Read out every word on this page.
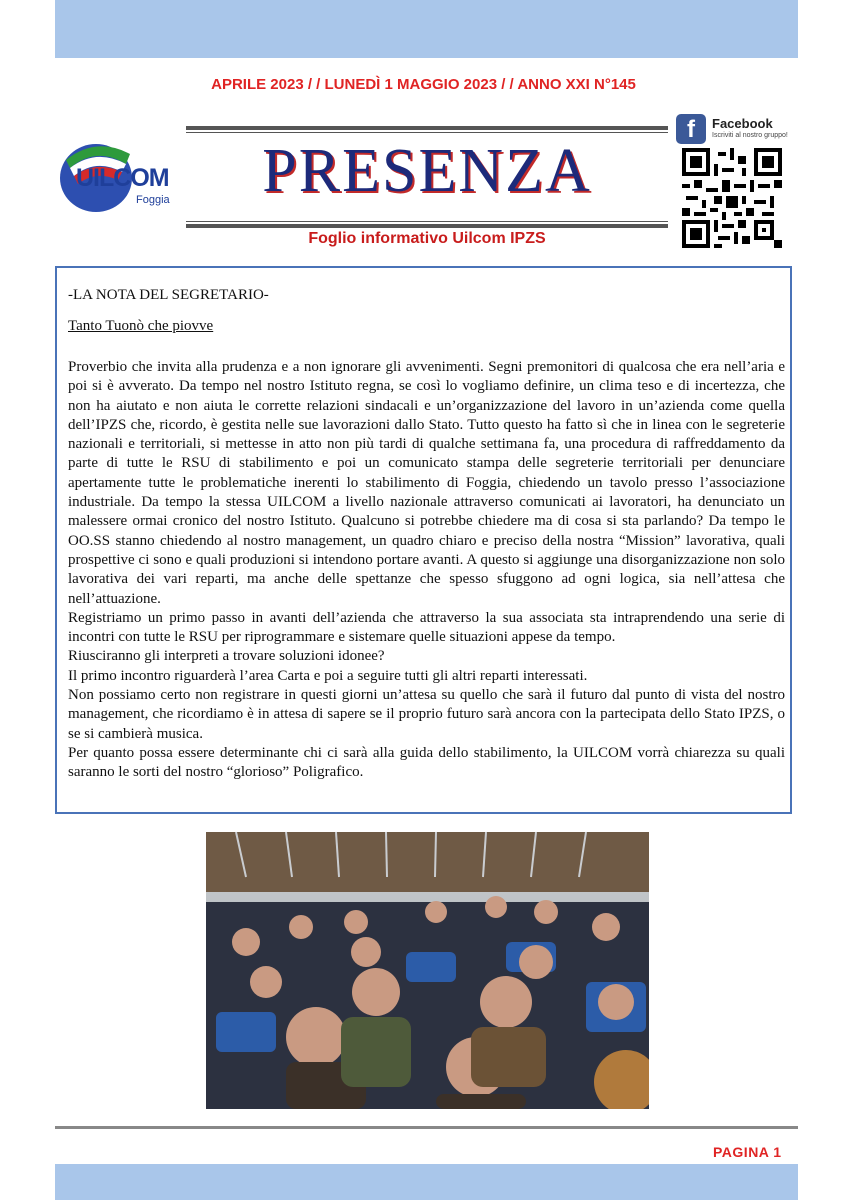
APRILE 2023 / / LUNEDÌ 1 MAGGIO 2023 / / ANNO XXI N°145
UILCOM
Foggia	PRESENZA
Foglio informativo Uilcom IPZS
f	Facebook
Iscriviti al nostro gruppo!
-LA NOTA DEL SEGRETARIO-
Tanto Tuonò che piovve

Proverbio che invita alla prudenza e a non ignorare gli avvenimenti. Segni premonitori di qualcosa che era nell’aria e poi si è avverato. Da tempo nel nostro Istituto regna, se così lo vogliamo definire, un clima teso e di incertezza, che non ha aiutato e non aiuta le corrette relazioni sindacali e un’organizzazione del lavoro in un’azienda come quella dell’IPZS che, ricordo, è gestita nelle sue lavorazioni dallo Stato. Tutto questo ha fatto sì che in linea con le segreterie nazionali e territoriali, si mettesse in atto non più tardi di qualche settimana fa, una procedura di raffreddamento da parte di tutte le RSU di stabilimento e poi un comunicato stampa delle segreterie territoriali per denunciare apertamente tutte le problematiche inerenti lo stabilimento di Foggia, chiedendo un tavolo presso l’associazione industriale. Da tempo la stessa UILCOM a livello nazionale attraverso comunicati ai lavoratori, ha denunciato un malessere ormai cronico del nostro Istituto. Qualcuno si potrebbe chiedere ma di cosa si sta parlando? Da tempo le OO.SS stanno chiedendo al nostro management, un quadro chiaro e preciso della nostra “Mission” lavorativa, quali prospettive ci sono e quali produzioni si intendono portare avanti. A questo si aggiunge una disorganizzazione non solo lavorativa dei vari reparti, ma anche delle spettanze che spesso sfuggono ad ogni logica, sia nell’attesa che nell’attuazione.

Registriamo un primo passo in avanti dell’azienda che attraverso la sua associata sta intraprendendo una serie di incontri con tutte le RSU per riprogrammare e sistemare quelle situazioni appese da tempo.

Riusciranno gli interpreti a trovare soluzioni idonee?

Il primo incontro riguarderà l’area Carta e poi a seguire tutti gli altri reparti interessati.

Non possiamo certo non registrare in questi giorni un’attesa su quello che sarà il futuro dal punto di vista del nostro management, che ricordiamo è in attesa di sapere se il proprio futuro sarà ancora con la partecipata dello Stato IPZS, o se si cambierà musica.

Per quanto possa essere determinante chi ci sarà alla guida dello stabilimento, la UILCOM vorrà chiarezza su quali saranno le sorti del nostro “glorioso” Poligrafico.

PAGINA 1
